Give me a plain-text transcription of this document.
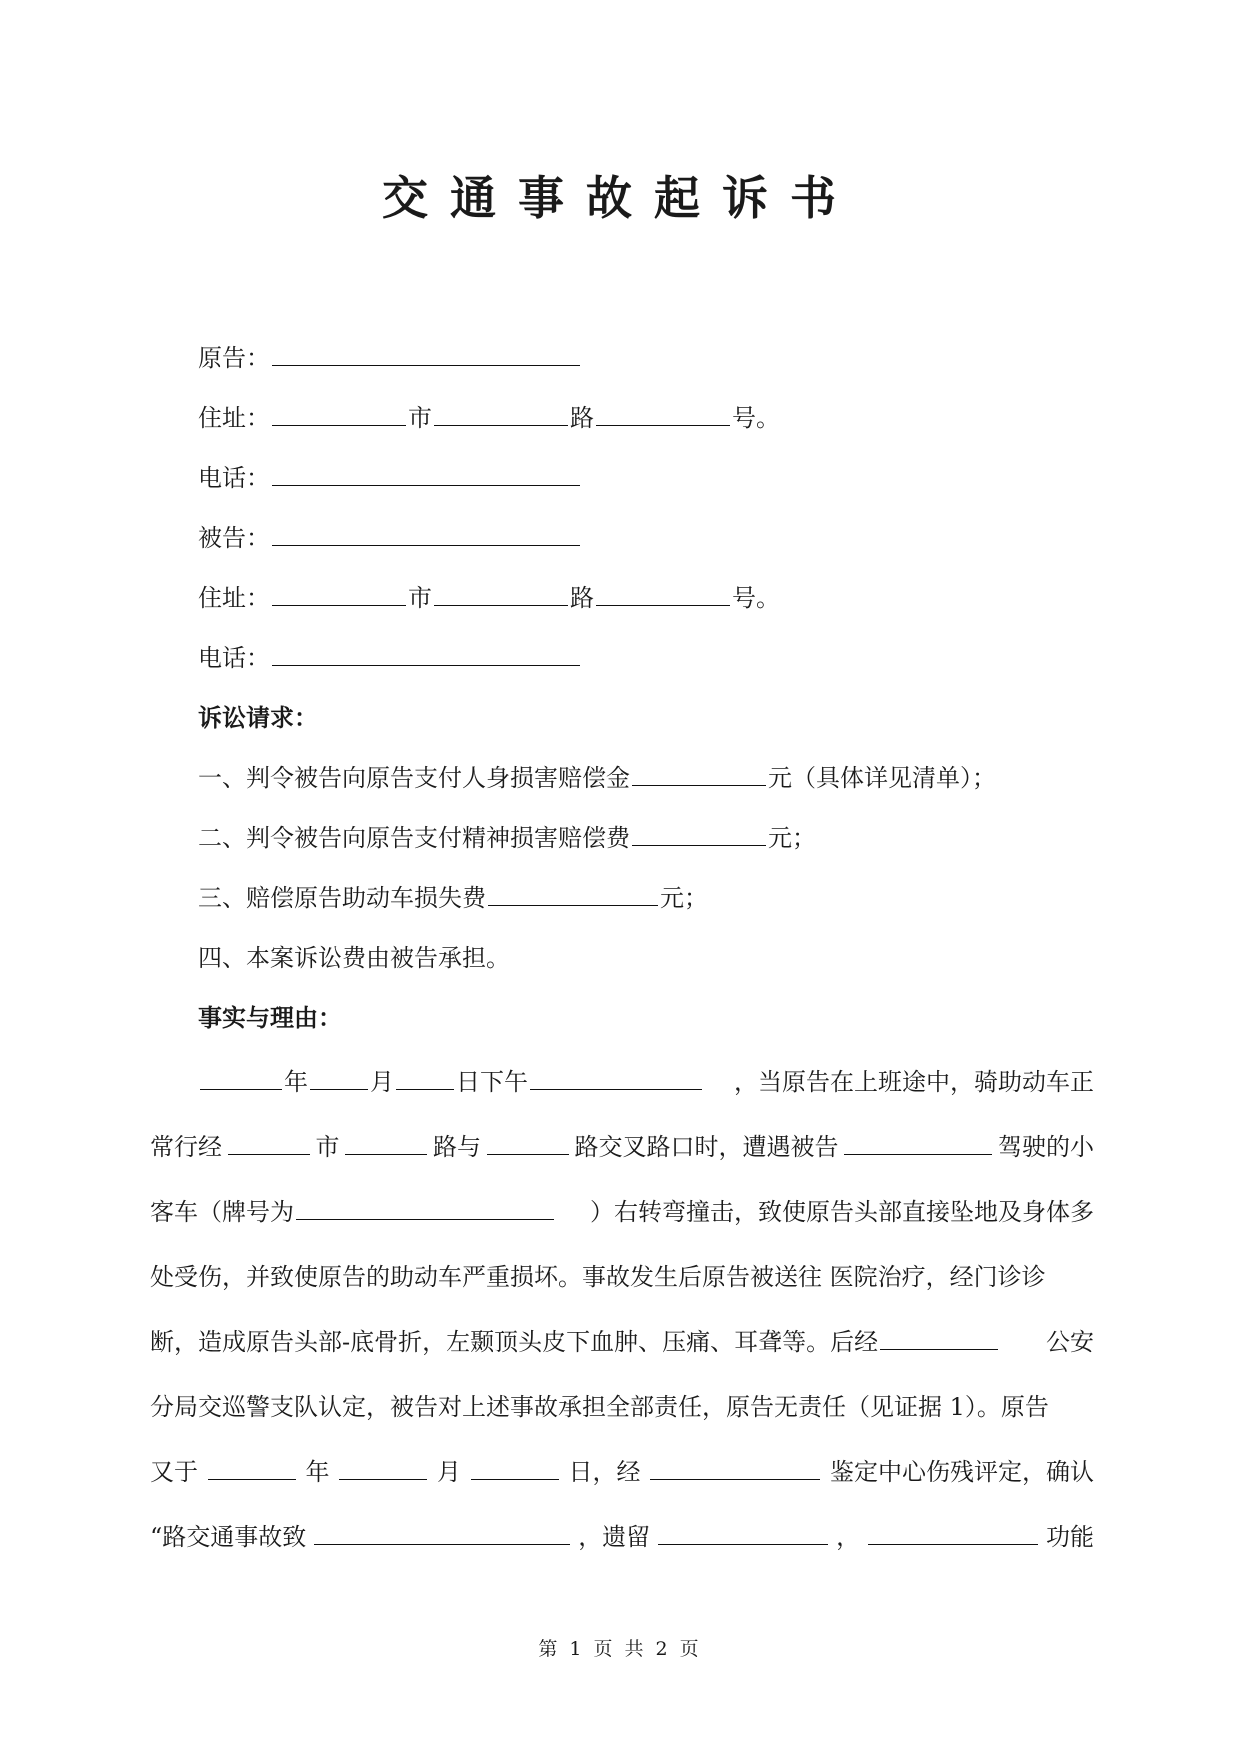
交通事故起诉书
原告：
住址：	市	路	号。
电话：
被告：
住址：	市	路	号。
电话：
诉讼请求：
一、判令被告向原告支付人身损害赔偿金	元（具体详见清单）；
二、判令被告向原告支付精神损害赔偿费	元；
三、赔偿原告助动车损失费	元；
四、本案诉讼费由被告承担。
事实与理由：
年	月	日下午	，当原告在上班途中，骑助动车正
常行经	市	路与	路交叉路口时，遭遇被告	驾驶的小
客车（牌号为	）右转弯撞击，致使原告头部直接坠地及身体多
处受伤，并致使原告的助动车严重损坏。事故发生后原告被送往 医院治疗，经门诊诊
断，造成原告头部-底骨折，左颞顶头皮下血肿、压痛、耳聋等。后经	公安
分局交巡警支队认定，被告对上述事故承担全部责任，原告无责任（见证据 1）。原告
又于	年	月	日，经	鉴定中心伤残评定，确认
“路交通事故致	，遗留	，	功能
第 1 页 共 2 页
